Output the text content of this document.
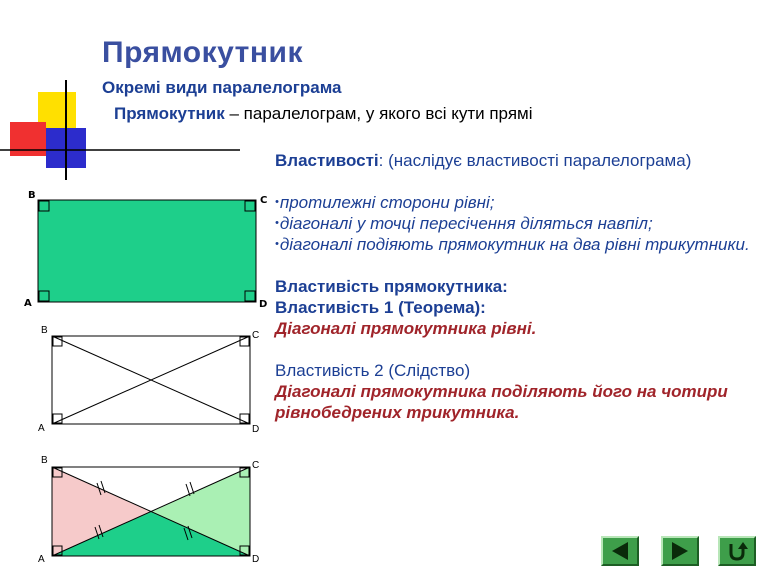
Прямокутник
Окремі види паралелограма
Прямокутник – паралелограм, у якого всі кути прямі

Властивості: (наслідує властивості паралелограма)

• протилежні сторони рівні;

• діагоналі у точці пересічення діляться навпіл;

• діагоналі подіяють прямокутник на два рівні трикутники.

Властивість прямокутника:

Властивість 1 (Теорема):

Діагоналі прямокутника рівні.

Властивість 2 (Слідство)

Діагоналі прямокутника поділяють його на чотири рівнобедрених трикутника.

B	C
A	D
B	C
A	D
B	C
A	D
